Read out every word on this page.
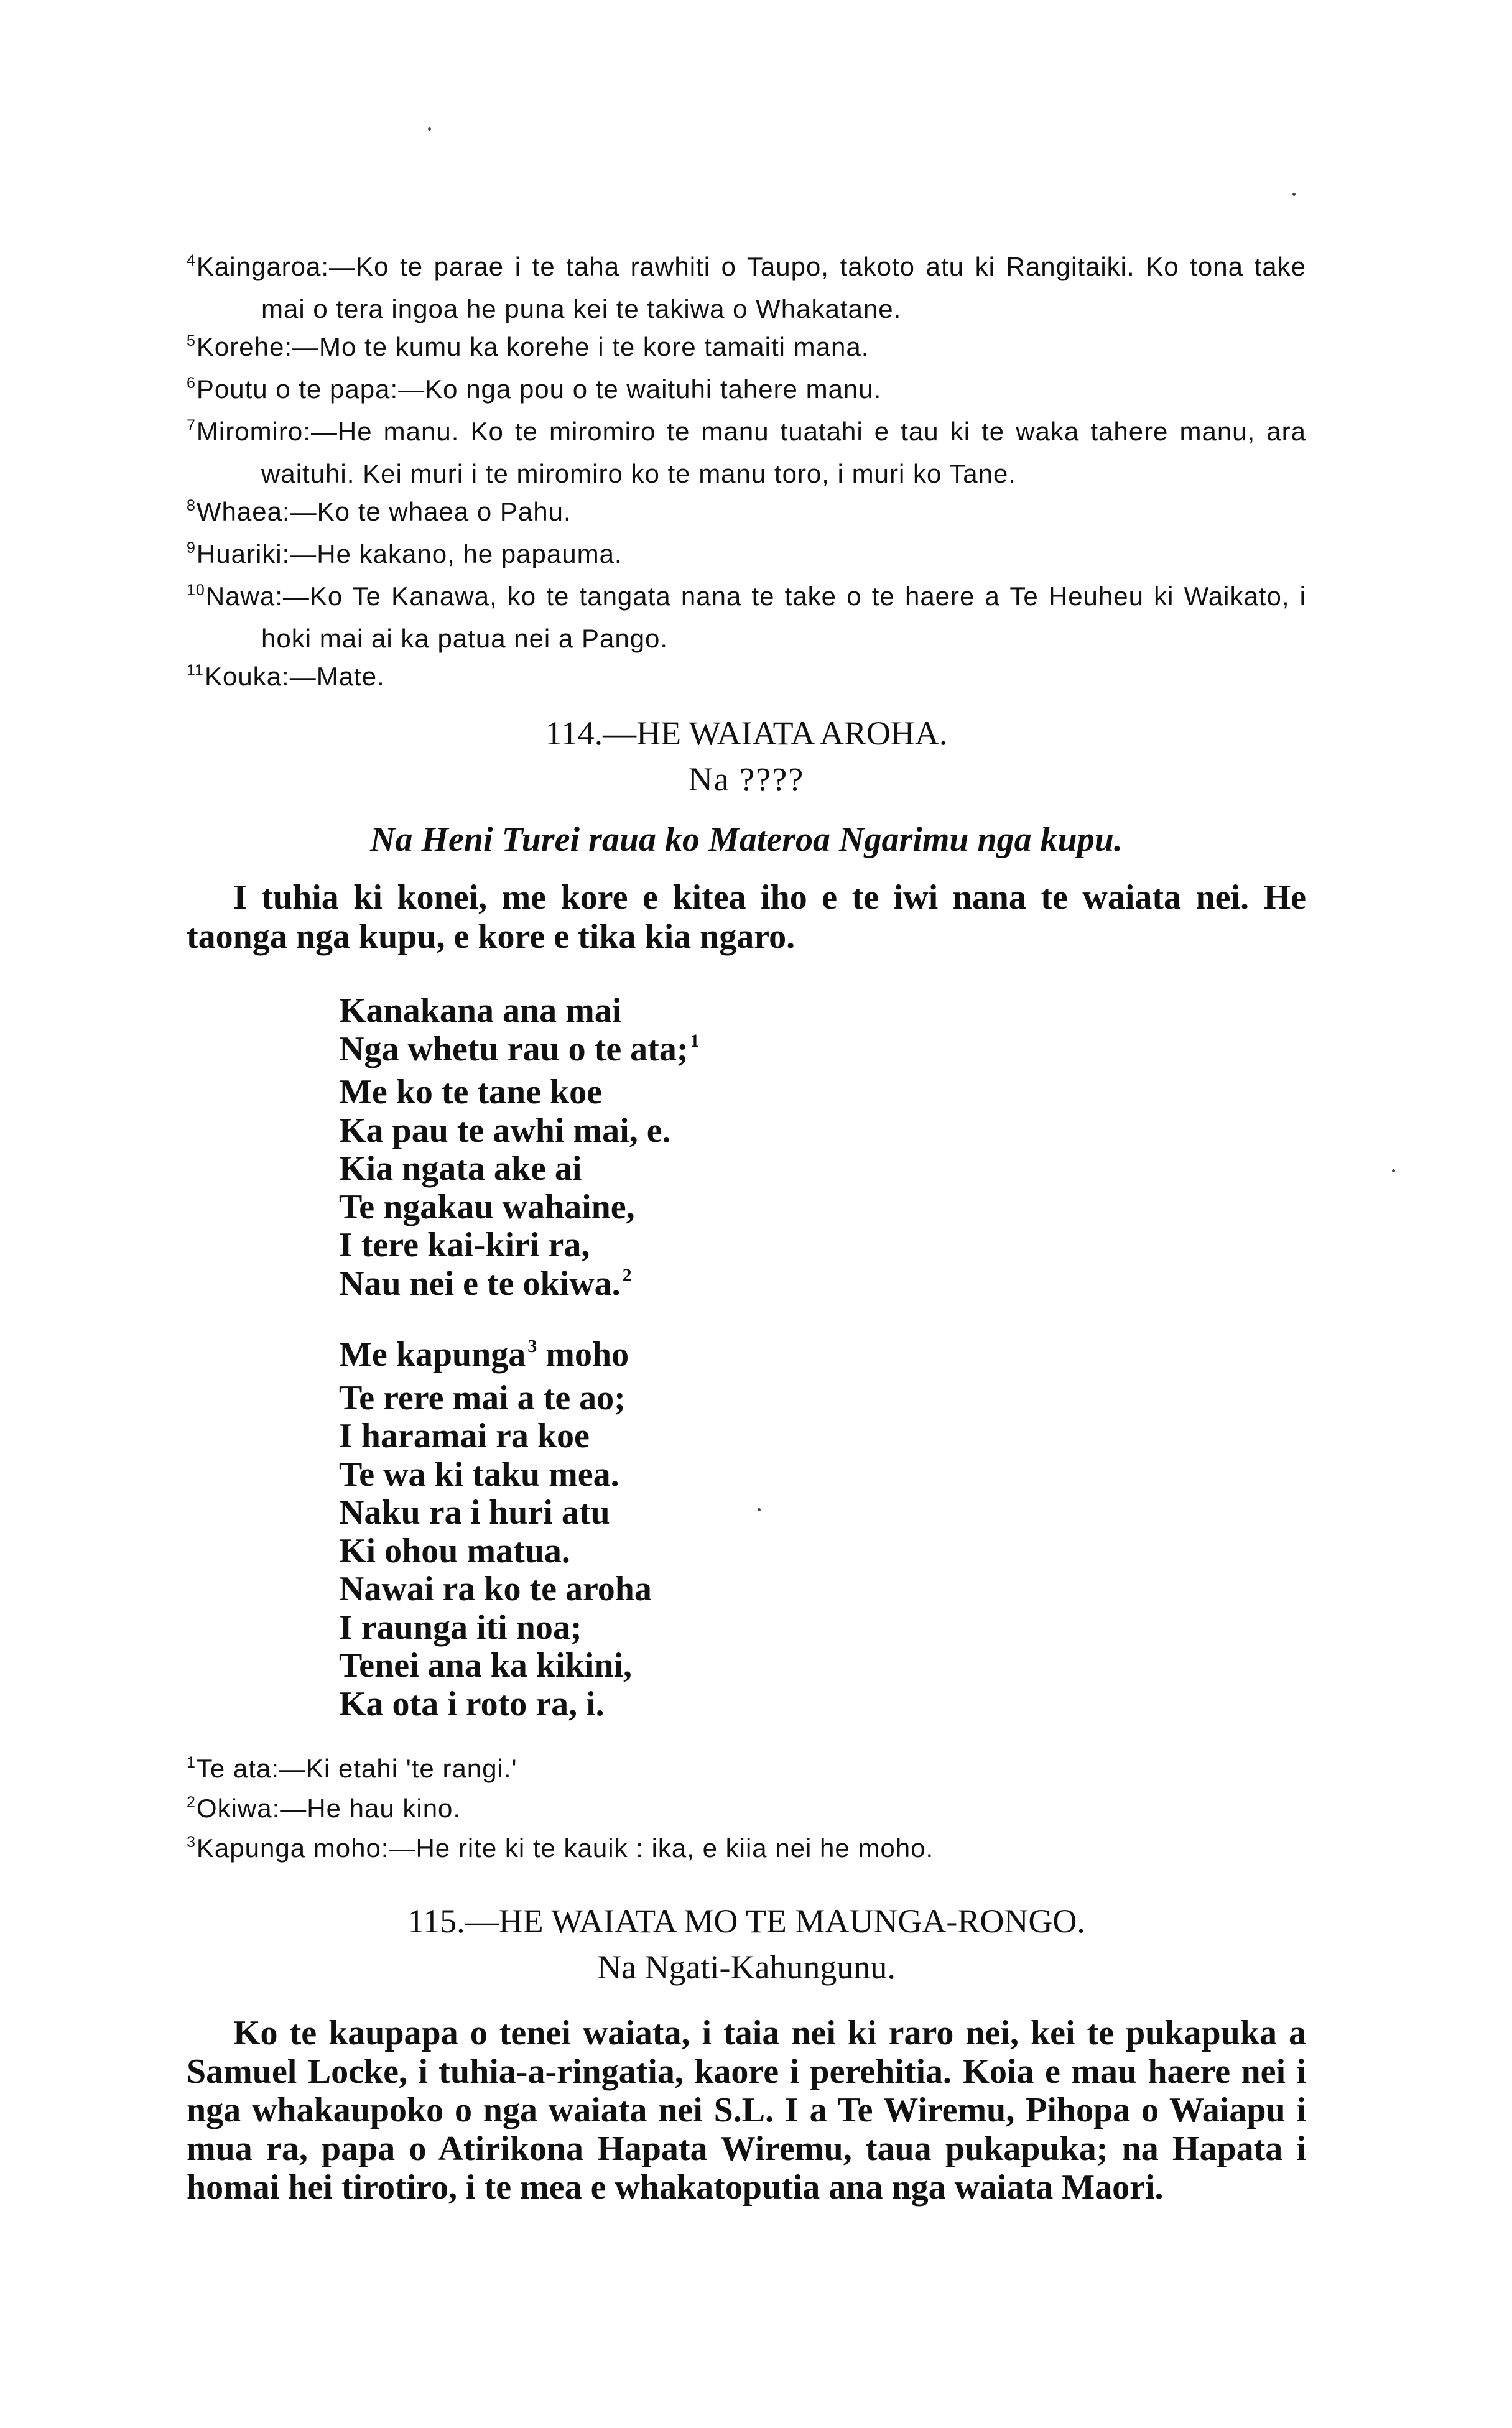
$^4$Kaingaroa:—Ko te parae i te taha rawhiti o Taupo, takoto atu ki Rangitaiki. Ko tona take mai o tera ingoa he puna kei te takiwa o Whakatane.
$^5$Korehe:—Mo te kumu ka korehe i te kore tamaiti mana.
$^6$Poutu o te papa:—Ko nga pou o te waituhi tahere manu.
$^7$Miromiro:—He manu. Ko te miromiro te manu tuatahi e tau ki te waka tahere manu, ara waituhi. Kei muri i te miromiro ko te manu toro, i muri ko Tane.
$^8$Whaea:—Ko te whaea o Pahu.
$^9$Huariki:—He kakano, he papauma.
$^{10}$Nawa:—Ko Te Kanawa, ko te tangata nana te take o te haere a Te Heuheu ki Waikato, i hoki mai ai ka patua nei a Pango.
$^{11}$Kouka:—Mate.
114.—HE WAIATA AROHA.
Na ????
Na Heni Turei raua ko Materoa Ngarimu nga kupu.
I tuhia ki konei, me kore e kitea iho e te iwi nana te waiata nei. He taonga nga kupu, e kore e tika kia ngaro.
Kanakana ana mai
Nga whetu rau o te ata; $^1$
Me ko te tane koe
Ka pau te awhi mai, e.
Kia ngata ake ai
Te ngakau wahaine,
I tere kai-kiri ra,
Nau nei e te okiwa. $^2$
Me kapunga $^3$ moho
Te rere mai a te ao;
I haramai ra koe
Te wa ki taku mea.
Naku ra i huri atu
Ki ohou matua.
Nawai ra ko te aroha
I raunga iti noa;
Tenei ana ka kikini,
Ka ota i roto ra, i.
$^1$Te ata:—Ki etahi 'te rangi.'
$^2$Okiwa:—He hau kino.
$^3$Kapunga moho:—He rite ki te kauik : ika, e kiia nei he moho.
115.—HE WAIATA MO TE MAUNGA-RONGO.
Na Ngati-Kahungunu.
Ko te kaupapa o tenei waiata, i taia nei ki raro nei, kei te pukapuka a Samuel Locke, i tuhia-a-ringatia, kaore i perehitia. Koia e mau haere nei i nga whakaupoko o nga waiata nei S.L. I a Te Wiremu, Pihopa o Waiapu i mua ra, papa o Atirikona Hapata Wiremu, taua pukapuka; na Hapata i homai hei tirotiro, i te mea e whakatoputia ana nga waiata Maori.
